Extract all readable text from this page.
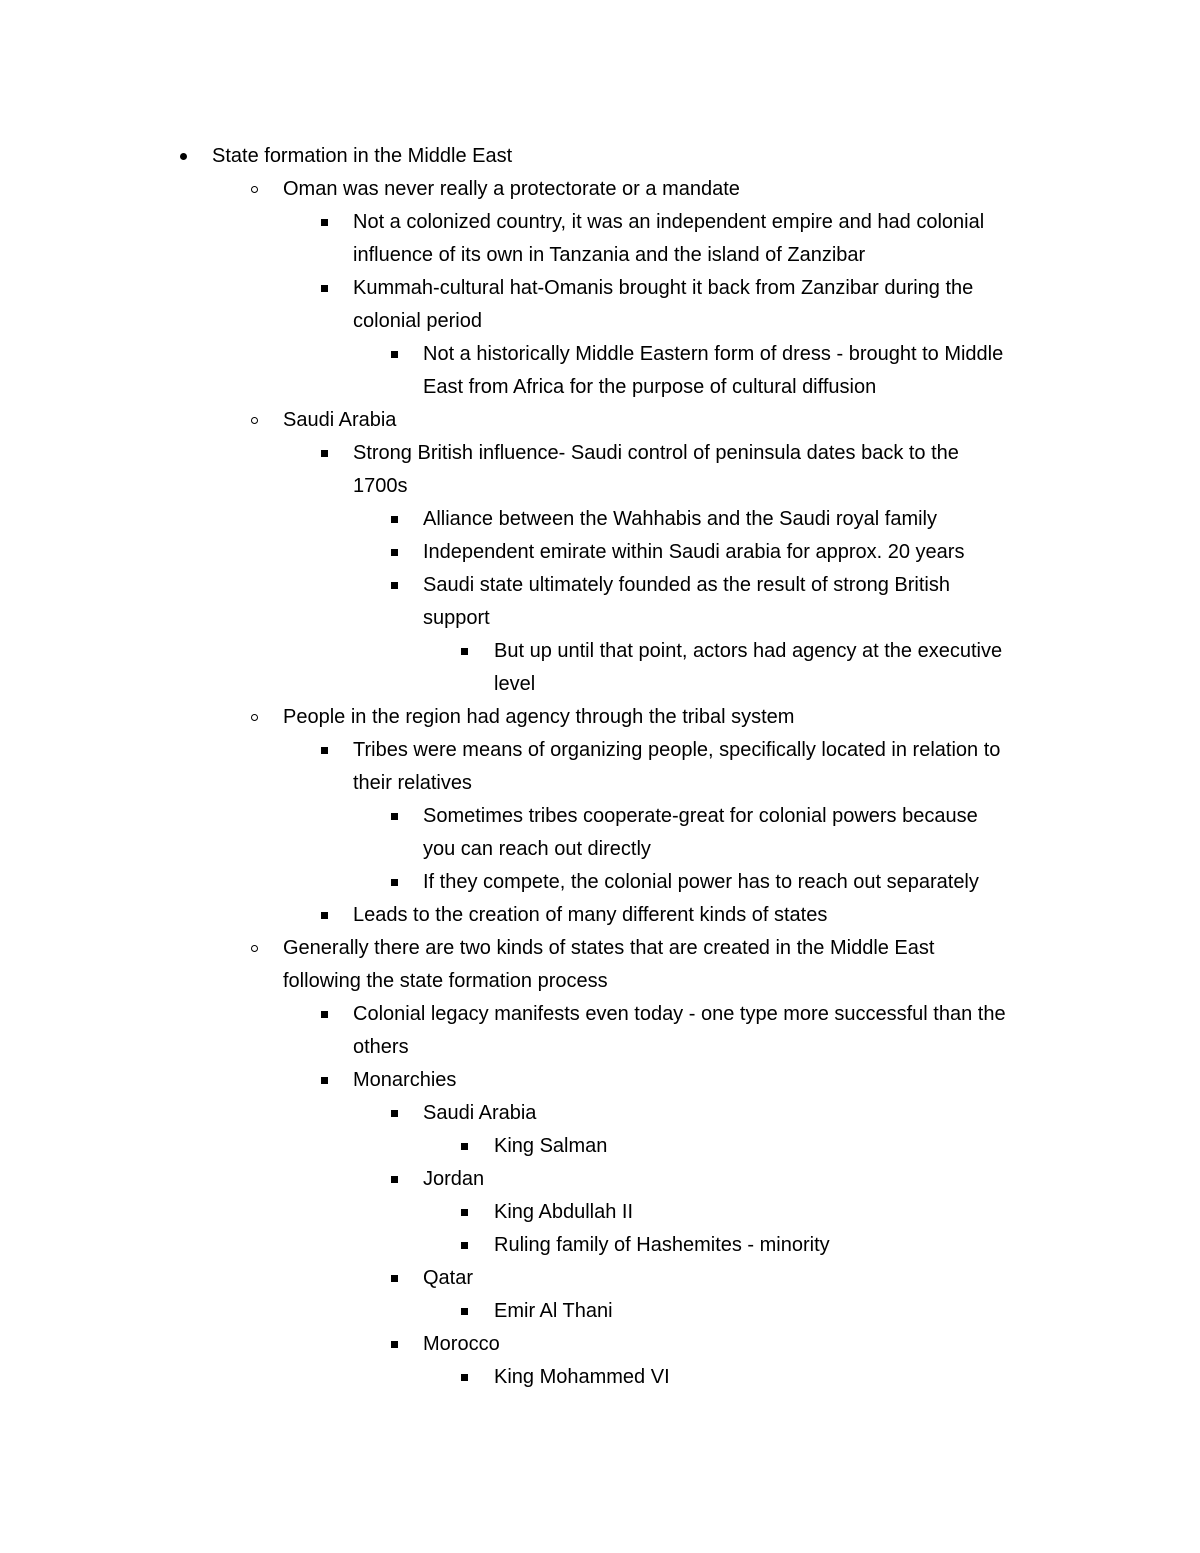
State formation in the Middle East
Oman was never really a protectorate or a mandate
Not a colonized country, it was an independent empire and had colonial
influence of its own in Tanzania and the island of Zanzibar
Kummah-cultural hat-Omanis brought it back from Zanzibar during the
colonial period
Not a historically Middle Eastern form of dress - brought to Middle
East from Africa for the purpose of cultural diffusion
Saudi Arabia
Strong British influence- Saudi control of peninsula dates back to the
1700s
Alliance between the Wahhabis and the Saudi royal family
Independent emirate within Saudi arabia for approx. 20 years
Saudi state ultimately founded as the result of strong British
support
But up until that point, actors had agency at the executive
level
People in the region had agency through the tribal system
Tribes were means of organizing people, specifically located in relation to
their relatives
Sometimes tribes cooperate-great for colonial powers because
you can reach out directly
If they compete, the colonial power has to reach out separately
Leads to the creation of many different kinds of states
Generally there are two kinds of states that are created in the Middle East
following the state formation process
Colonial legacy manifests even today - one type more successful than the
others
Monarchies
Saudi Arabia
King Salman
Jordan
King Abdullah II
Ruling family of Hashemites - minority
Qatar
Emir Al Thani
Morocco
King Mohammed VI
